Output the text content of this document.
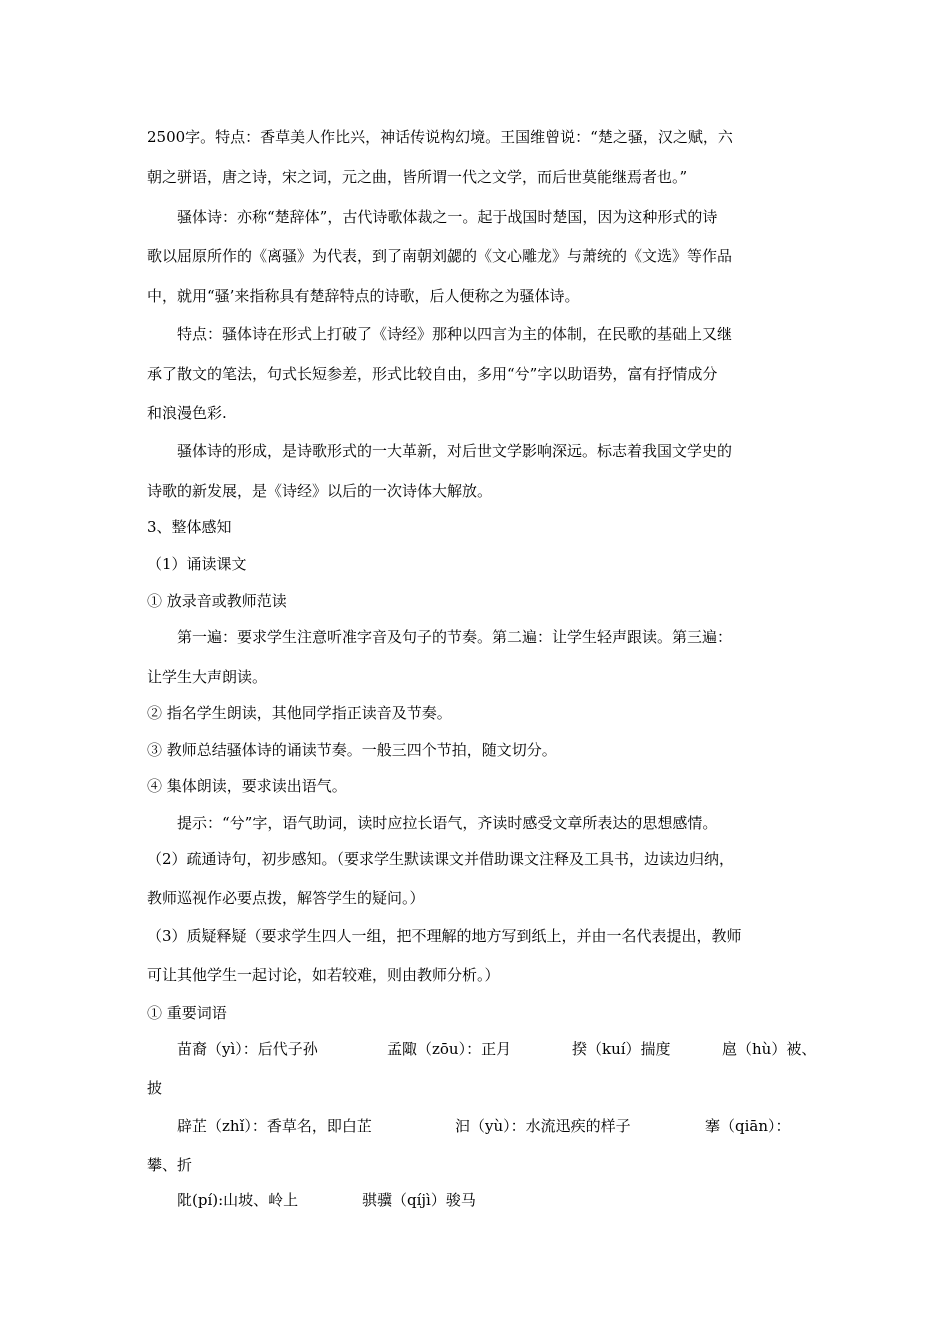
2500字。特点：香草美人作比兴，神话传说构幻境。王国维曾说：“楚之骚，汉之赋，六
朝之骈语，唐之诗，宋之词，元之曲，皆所谓一代之文学，而后世莫能继焉者也。”
骚体诗：亦称“楚辞体”，古代诗歌体裁之一。起于战国时楚国，因为这种形式的诗
歌以屈原所作的《离骚》为代表，到了南朝刘勰的《文心雕龙》与萧统的《文选》等作品
中，就用“骚’来指称具有楚辞特点的诗歌，后人便称之为骚体诗。
特点：骚体诗在形式上打破了《诗经》那种以四言为主的体制，在民歌的基础上又继
承了散文的笔法，句式长短参差，形式比较自由，多用“兮”字以助语势，富有抒情成分
和浪漫色彩.
骚体诗的形成，是诗歌形式的一大革新，对后世文学影响深远。标志着我国文学史的
诗歌的新发展，是《诗经》以后的一次诗体大解放。
3、整体感知
（1）诵读课文
① 放录音或教师范读
第一遍：要求学生注意听准字音及句子的节奏。第二遍：让学生轻声跟读。第三遍：
让学生大声朗读。
② 指名学生朗读，其他同学指正读音及节奏。
③ 教师总结骚体诗的诵读节奏。一般三四个节拍，随文切分。
④ 集体朗读，要求读出语气。
提示：“兮”字，语气助词，读时应拉长语气，齐读时感受文章所表达的思想感情。
（2）疏通诗句，初步感知。（要求学生默读课文并借助课文注释及工具书，边读边归纳，
教师巡视作必要点拨，解答学生的疑问。）
（3）质疑释疑（要求学生四人一组，把不理解的地方写到纸上，并由一名代表提出，教师
可让其他学生一起讨论，如若较难，则由教师分析。）
① 重要词语
苗裔（yì）：后代子孙	孟陬（zōu）：正月	揆（kuí）揣度	扈（hù）被、
披
辟芷（zhǐ）：香草名，即白芷	汩（yù）：水流迅疾的样子	搴（qiān）：
攀、折
阰(pí):山坡、岭上	骐骥（qíjì）骏马
